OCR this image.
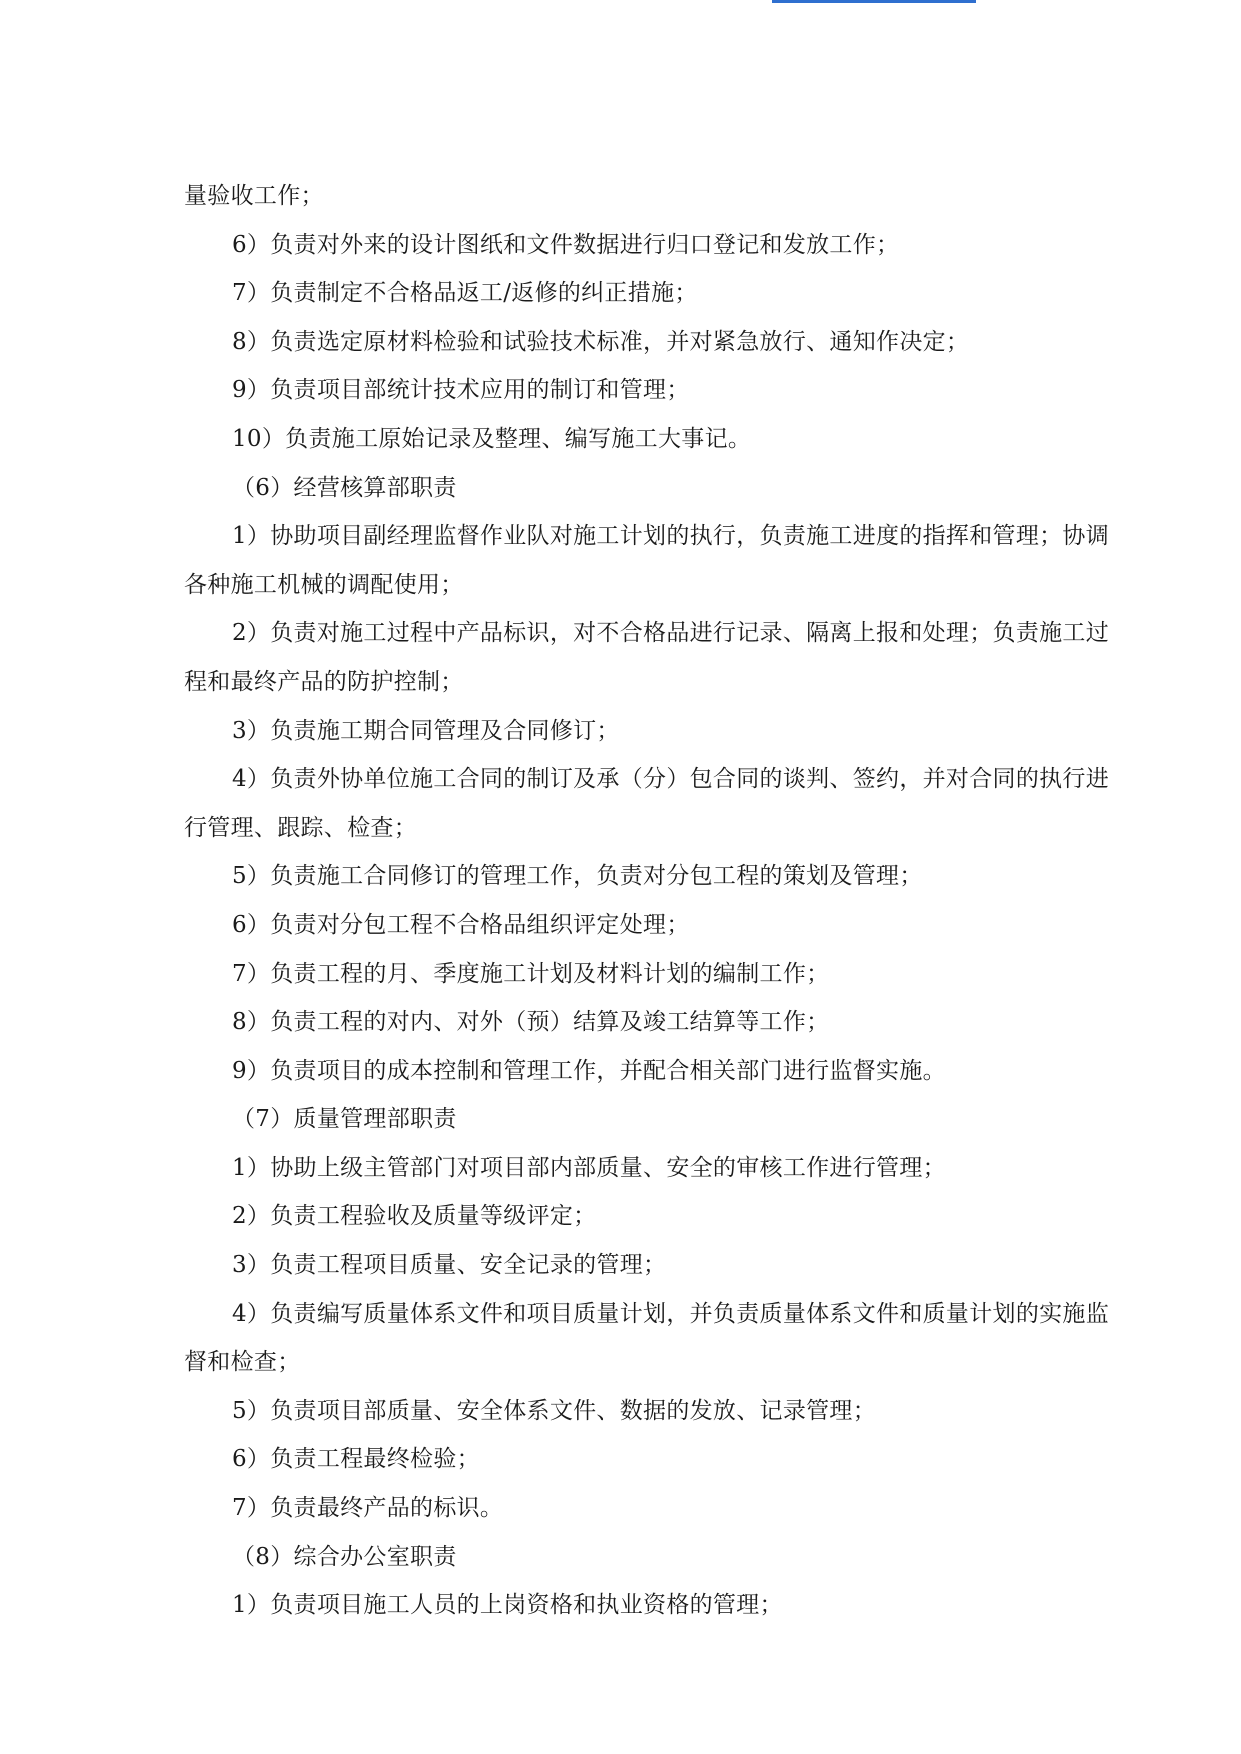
量验收工作；

6）负责对外来的设计图纸和文件数据进行归口登记和发放工作；

7）负责制定不合格品返工/返修的纠正措施；

8）负责选定原材料检验和试验技术标准，并对紧急放行、通知作决定；

9）负责项目部统计技术应用的制订和管理；

10）负责施工原始记录及整理、编写施工大事记。

（6）经营核算部职责

1）协助项目副经理监督作业队对施工计划的执行，负责施工进度的指挥和管理；协调各种施工机械的调配使用；

2）负责对施工过程中产品标识，对不合格品进行记录、隔离上报和处理；负责施工过程和最终产品的防护控制；

3）负责施工期合同管理及合同修订；

4）负责外协单位施工合同的制订及承（分）包合同的谈判、签约，并对合同的执行进行管理、跟踪、检查；

5）负责施工合同修订的管理工作，负责对分包工程的策划及管理；

6）负责对分包工程不合格品组织评定处理；

7）负责工程的月、季度施工计划及材料计划的编制工作；

8）负责工程的对内、对外（预）结算及竣工结算等工作；

9）负责项目的成本控制和管理工作，并配合相关部门进行监督实施。

（7）质量管理部职责

1）协助上级主管部门对项目部内部质量、安全的审核工作进行管理；

2）负责工程验收及质量等级评定；

3）负责工程项目质量、安全记录的管理；

4）负责编写质量体系文件和项目质量计划，并负责质量体系文件和质量计划的实施监督和检查；

5）负责项目部质量、安全体系文件、数据的发放、记录管理；

6）负责工程最终检验；

7）负责最终产品的标识。

（8）综合办公室职责

1）负责项目施工人员的上岗资格和执业资格的管理；
